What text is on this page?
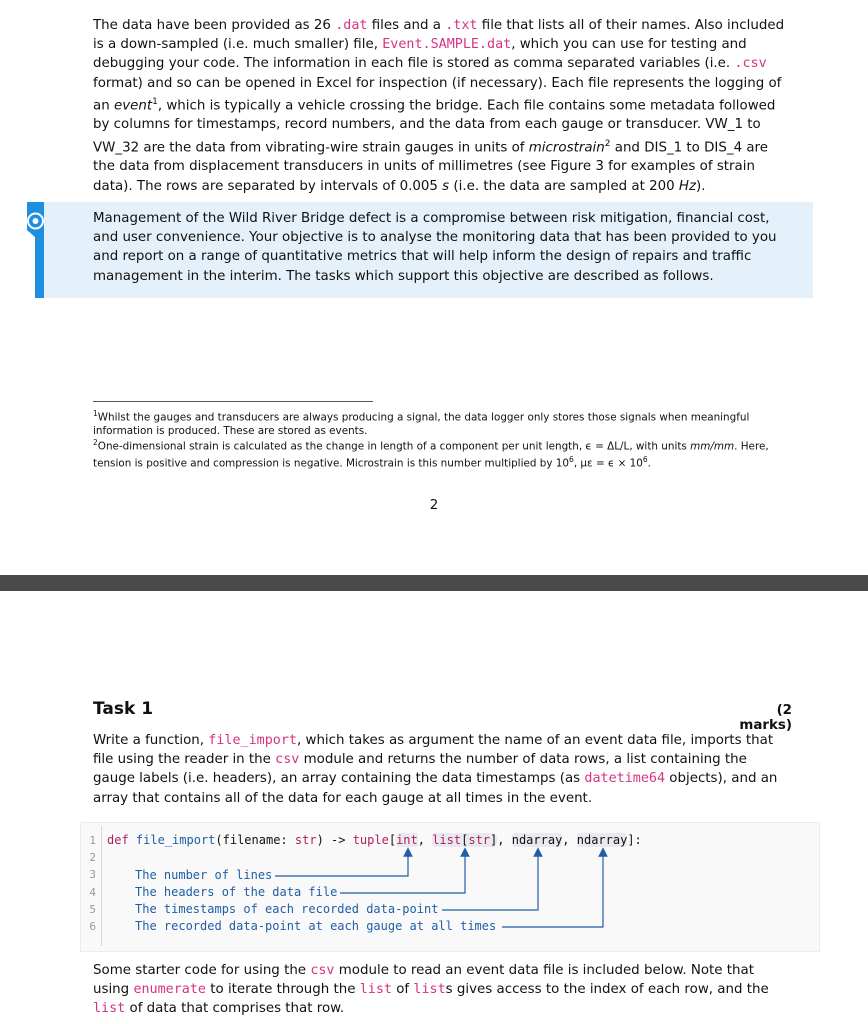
The data have been provided as 26 .dat files and a .txt file that lists all of their names. Also included is a down-sampled (i.e. much smaller) file, Event.SAMPLE.dat, which you can use for testing and debugging your code. The information in each file is stored as comma separated variables (i.e. .csv format) and so can be opened in Excel for inspection (if necessary). Each file represents the logging of an event$^1$, which is typically a vehicle crossing the bridge. Each file contains some metadata followed by columns for timestamps, record numbers, and the data from each gauge or transducer. VW_1 to VW_32 are the data from vibrating-wire strain gauges in units of microstrain$^2$ and DIS_1 to DIS_4 are the data from displacement transducers in units of millimetres (see Figure 3 for examples of strain data). The rows are separated by intervals of 0.005 s (i.e. the data are sampled at 200 Hz).

Management of the Wild River Bridge defect is a compromise between risk mitigation, financial cost, and user convenience. Your objective is to analyse the monitoring data that has been provided to you and report on a range of quantitative metrics that will help inform the design of repairs and traffic management in the interim. The tasks which support this objective are described as follows.

$^1$Whilst the gauges and transducers are always producing a signal, the data logger only stores those signals when meaningful information is produced. These are stored as events.

$^2$One-dimensional strain is calculated as the change in length of a component per unit length, ϵ = ΔL/L, with units mm/mm. Here, tension is positive and compression is negative. Microstrain is this number multiplied by $10^6$, $\mu\varepsilon = \epsilon \times 10^6$.

2
Task 1	(2 marks)

Write a function, file_import, which takes as argument the name of an event data file, imports that file using the reader in the csv module and returns the number of data rows, a list containing the gauge labels (i.e. headers), an array containing the data timestamps (as datetime64 objects), and an array that contains all of the data for each gauge at all times in the event.

1
2
3
4
5
6
def file_import(filename: str) -> tuple[int, list[str], ndarray, ndarray]:
The number of lines
The headers of the data file
The timestamps of each recorded data-point
The recorded data-point at each gauge at all times

Some starter code for using the csv module to read an event data file is included below. Note that using enumerate to iterate through the list of lists gives access to the index of each row, and the list of data that comprises that row.
